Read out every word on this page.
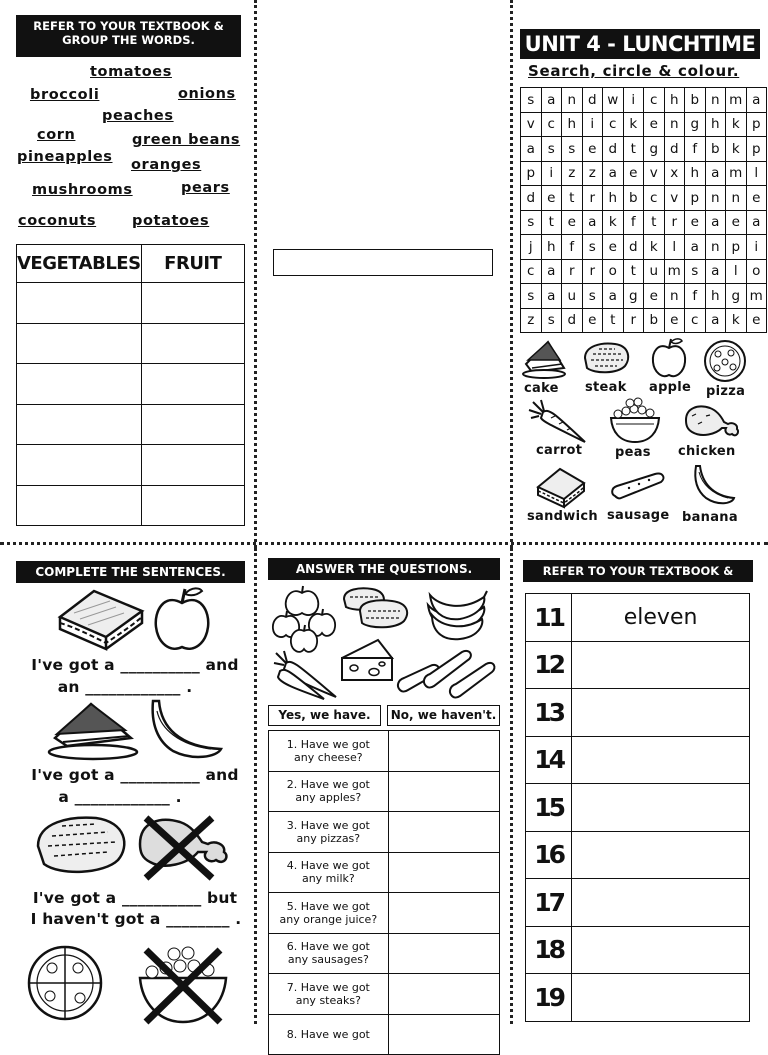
REFER TO YOUR TEXTBOOK & GROUP THE WORDS.
tomatoes
broccoli	onions
peaches
corn	green beans
pineapples oranges
mushrooms	pears
coconuts potatoes
VEGETABLES	FRUIT

UNIT 4 - LUNCHTIME
Search, circle & colour.
s	a	n	d	w	i	c	h	b	n	m	a
v	c	h	i	c	k	e	n	g	h	k	p
a	s	s	e	d	t	g	d	f	b	k	p
p	i	z	z	a	e	v	x	h	a	m	l
d	e	t	r	h	b	c	v	p	n	n	e
s	t	e	a	k	f	t	r	e	a	e	a
j	h	f	s	e	d	k	l	a	n	p	i
c	a	r	r	o	t	u	m	s	a	l	o
s	a	u	s	a	g	e	n	f	h	g	m
z	s	d	e	t	r	b	e	c	a	k	e
cake steak apple pizza
carrot	peas chicken
sandwich sausage banana
COMPLETE THE SENTENCES.
I've got a __________ and
an ____________ .
I've got a __________ and
a ____________ .
I've got a __________ but
I haven't got a ________ .
ANSWER THE QUESTIONS.
Yes, we have.	No, we haven't.
1. Have we got
any cheese?	

2. Have we got
any apples?	

3. Have we got
any pizzas?	

4. Have we got
any milk?	

5. Have we got
any orange juice?	

6. Have we got
any sausages?	

7. Have we got
any steaks?	

8. Have we got	

REFER TO YOUR TEXTBOOK & WRITE.
11	eleven
12	
13	
14	
15	
16	
17	
18	
19	
